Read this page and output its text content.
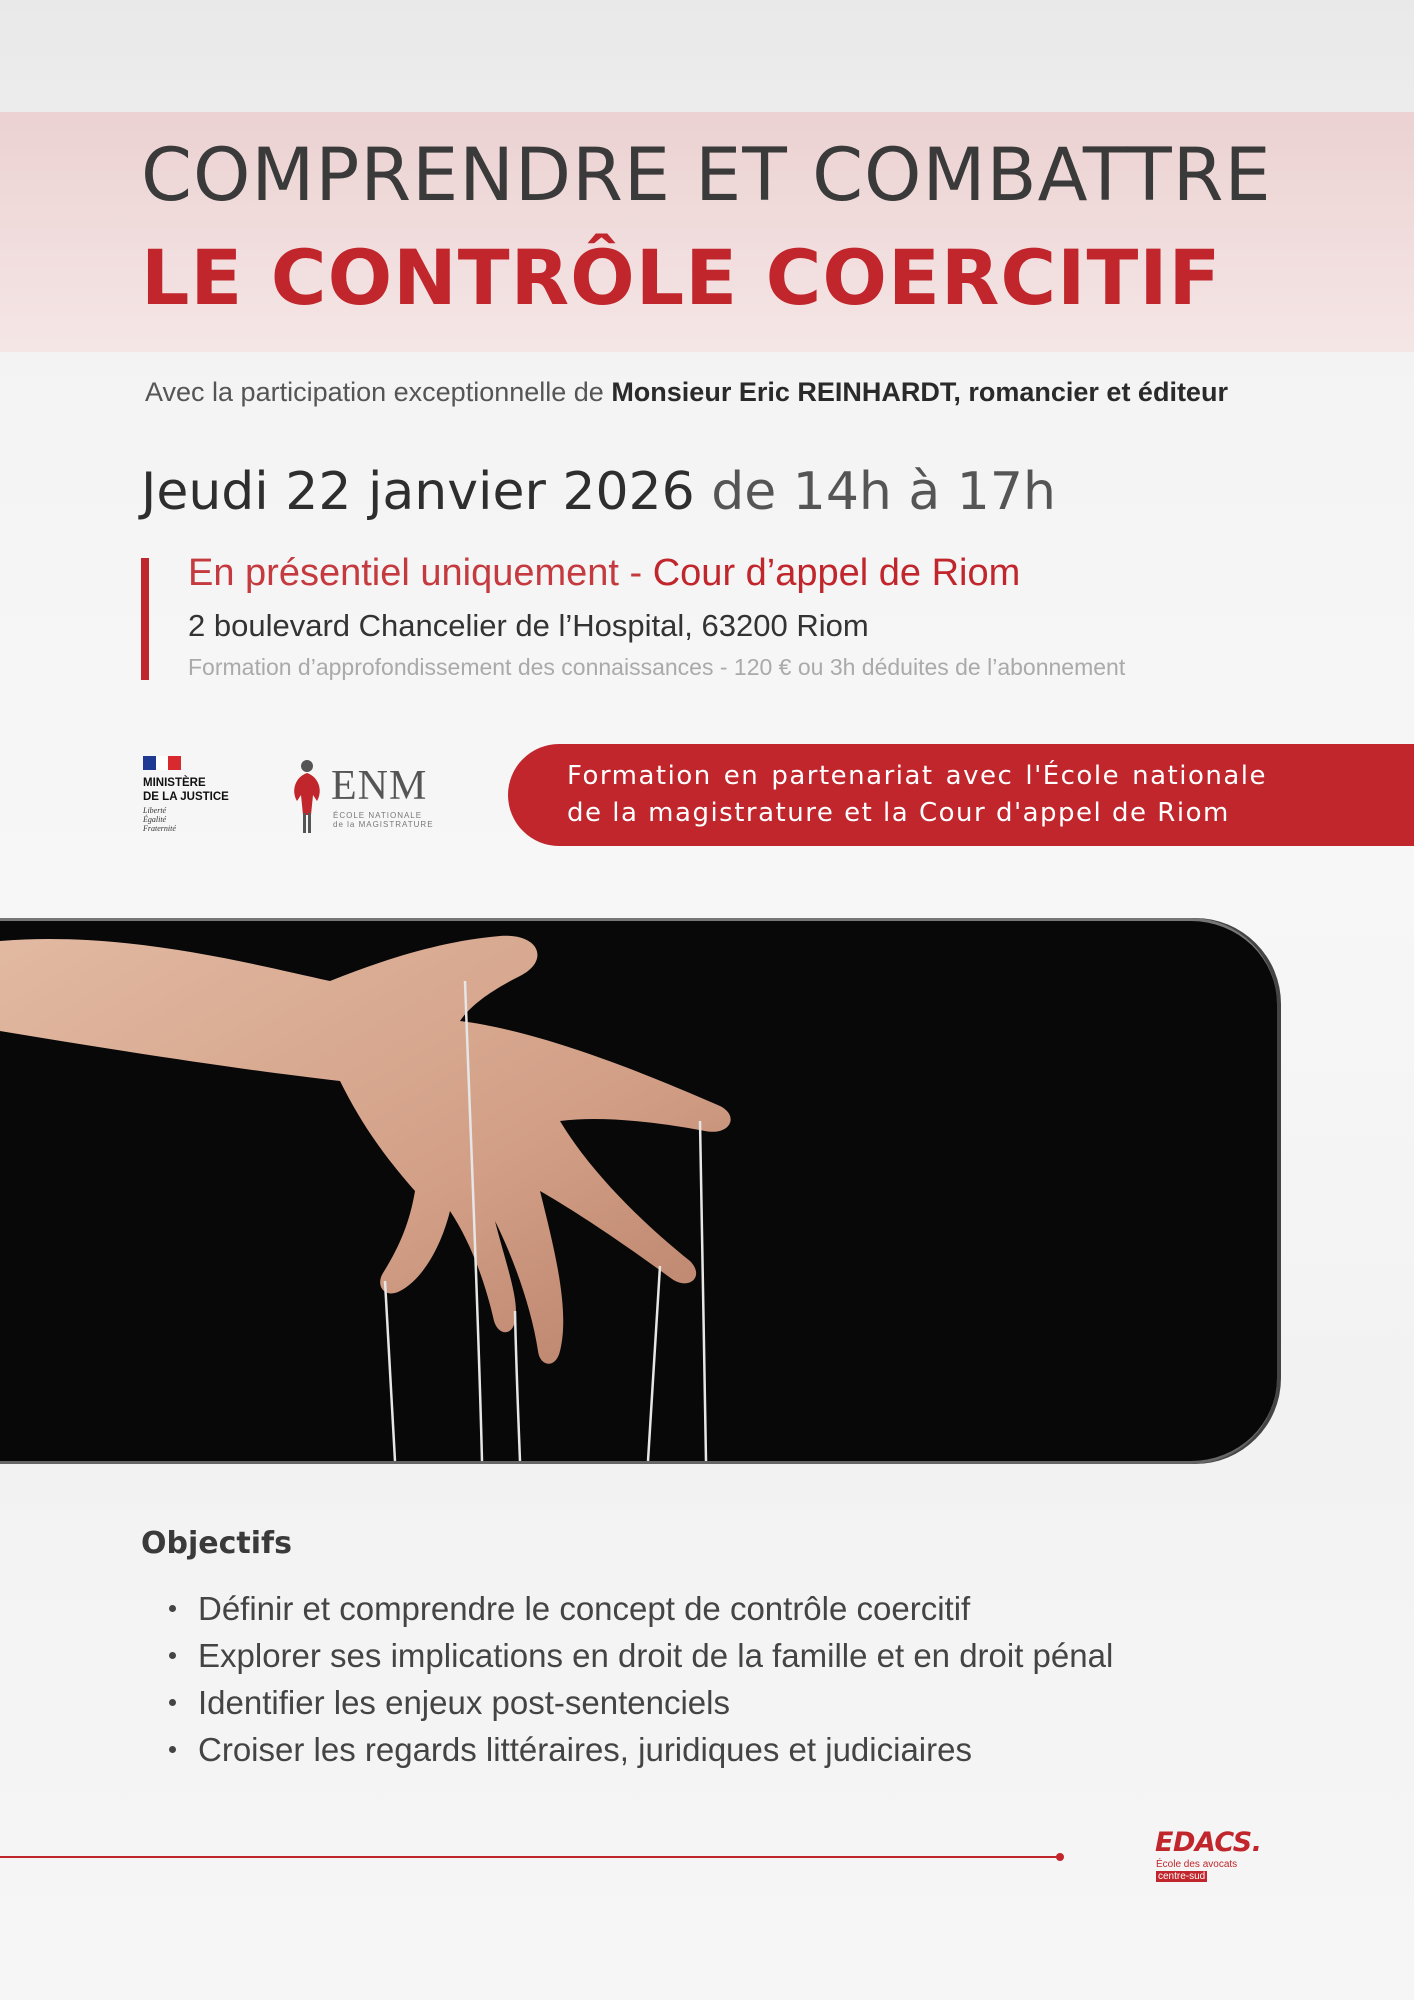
COMPRENDRE ET COMBATTRE
LE CONTRÔLE COERCITIF
Avec la participation exceptionnelle de Monsieur Eric REINHARDT, romancier et éditeur
Jeudi 22 janvier 2026 de 14h à 17h
En présentiel uniquement - Cour d’appel de Riom
2 boulevard Chancelier de l’Hospital, 63200 Riom
Formation d’approfondissement des connaissances - 120 € ou 3h déduites de l’abonnement
MINISTÈRE
DE LA JUSTICE
Liberté
Égalité
Fraternité
ENM
ÉCOLE NATIONALE
de la MAGISTRATURE
Formation en partenariat avec l'École nationale de la magistrature et la Cour d'appel de Riom
Objectifs
Définir et comprendre le concept de contrôle coercitif
Explorer ses implications en droit de la famille et en droit pénal
Identifier les enjeux post-sentenciels
Croiser les regards littéraires, juridiques et judiciaires
EDACS.
École des avocats
centre-sud
